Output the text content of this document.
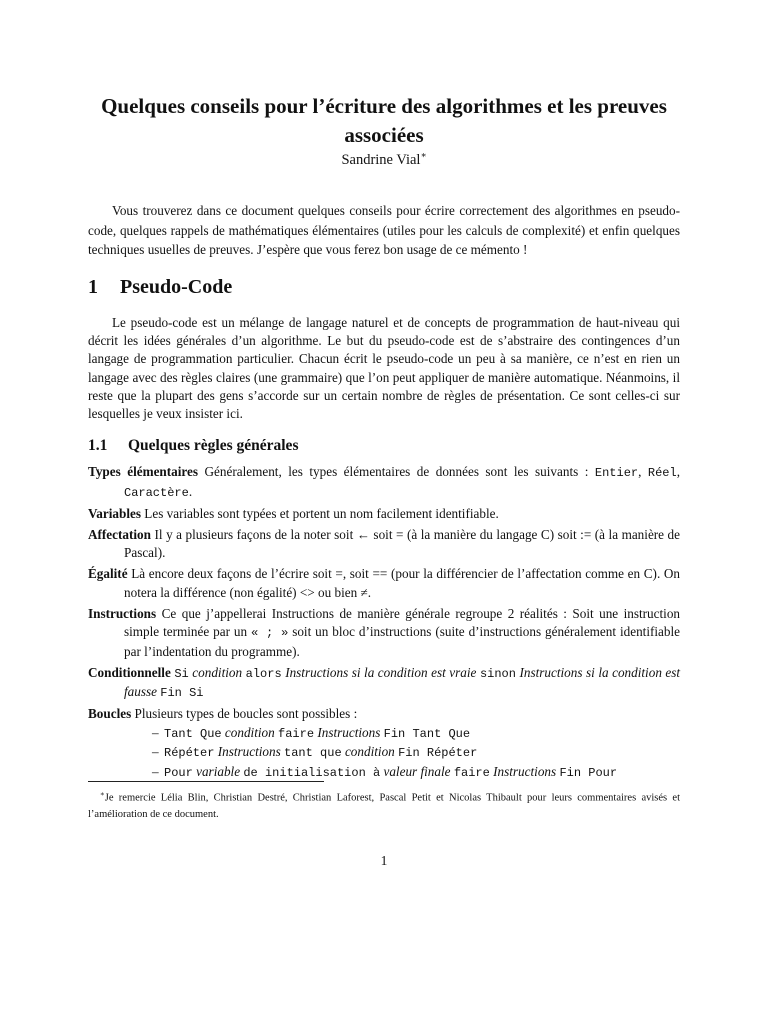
Quelques conseils pour l’écriture des algorithmes et les preuves associées
Sandrine Vial∗

Vous trouverez dans ce document quelques conseils pour écrire correctement des algorithmes en pseudo-code, quelques rappels de mathématiques élémentaires (utiles pour les calculs de complexité) et enfin quelques techniques usuelles de preuves. J’espère que vous ferez bon usage de ce mémento !

1 Pseudo-Code

Le pseudo-code est un mélange de langage naturel et de concepts de programmation de haut-niveau qui décrit les idées générales d’un algorithme. Le but du pseudo-code est de s’abstraire des contingences d’un langage de programmation particulier. Chacun écrit le pseudo-code un peu à sa manière, ce n’est en rien un langage avec des règles claires (une grammaire) que l’on peut appliquer de manière automatique. Néanmoins, il reste que la plupart des gens s’accorde sur un certain nombre de règles de présentation. Ce sont celles-ci sur lesquelles je veux insister ici.

1.1 Quelques règles générales

Types élémentaires Généralement, les types élémentaires de données sont les suivants : Entier, Réel, Caractère.

Variables Les variables sont typées et portent un nom facilement identifiable.

Affectation Il y a plusieurs façons de la noter soit ← soit = (à la manière du langage C) soit := (à la manière de Pascal).

Égalité Là encore deux façons de l’écrire soit =, soit == (pour la différencier de l’affectation comme en C). On notera la différence (non égalité) <> ou bien ≠.

Instructions Ce que j’appellerai Instructions de manière générale regroupe 2 réalités : Soit une instruction simple terminée par un « ; » soit un bloc d’instructions (suite d’instructions généralement identifiable par l’indentation du programme).

Conditionnelle Si condition alors Instructions si la condition est vraie sinon Instructions si la condition est fausse Fin Si

Boucles Plusieurs types de boucles sont possibles :
– Tant Que condition faire Instructions Fin Tant Que
– Répéter Instructions tant que condition Fin Répéter
– Pour variable de initialisation à valeur finale faire Instructions Fin Pour

∗Je remercie Lélia Blin, Christian Destré, Christian Laforest, Pascal Petit et Nicolas Thibault pour leurs commentaires avisés et l’amélioration de ce document.

1
